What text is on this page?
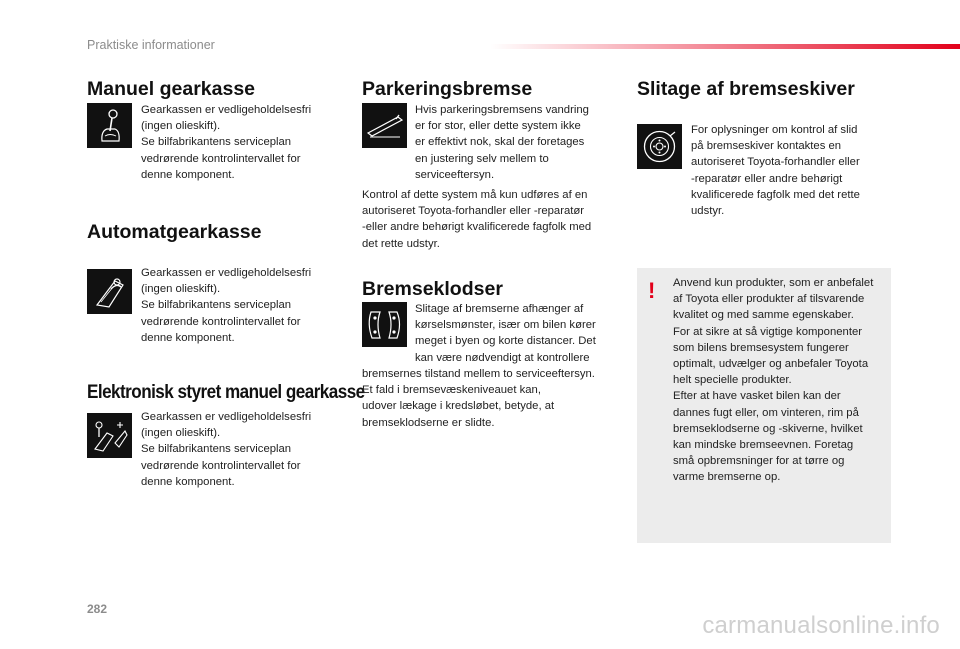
Praktiske informationer
Manuel gearkasse
Gearkassen er vedligeholdelsesfri
(ingen olieskift).
Se bilfabrikantens serviceplan
vedrørende kontrolintervallet for
denne komponent.
Automatgearkasse
Gearkassen er vedligeholdelsesfri
(ingen olieskift).
Se bilfabrikantens serviceplan
vedrørende kontrolintervallet for
denne komponent.
Elektronisk styret manuel gearkasse
Gearkassen er vedligeholdelsesfri
(ingen olieskift).
Se bilfabrikantens serviceplan
vedrørende kontrolintervallet for
denne komponent.
Parkeringsbremse
Hvis parkeringsbremsens vandring
er for stor, eller dette system ikke
er effektivt nok, skal der foretages
en justering selv mellem to
serviceeftersyn.
Kontrol af dette system må kun udføres af en
autoriseret Toyota-forhandler eller -reparatør
-eller andre behørigt kvalificerede fagfolk med
det rette udstyr.
Bremseklodser
Slitage af bremserne afhænger af
kørselsmønster, især om bilen kører
meget i byen og korte distancer. Det
kan være nødvendigt at kontrollere
bremsernes tilstand mellem to serviceeftersyn.
Et fald i bremsevæskeniveauet kan,
udover lækage i kredsløbet, betyde, at
bremseklodserne er slidte.
Slitage af bremseskiver
For oplysninger om kontrol af slid
på bremseskiver kontaktes en
autoriseret Toyota-forhandler eller
-reparatør eller andre behørigt
kvalificerede fagfolk med det rette
udstyr.
! Anvend kun produkter, som er anbefalet
af Toyota eller produkter af tilsvarende
kvalitet og med samme egenskaber.
For at sikre at så vigtige komponenter
som bilens bremsesystem fungerer
optimalt, udvælger og anbefaler Toyota
helt specielle produkter.
Efter at have vasket bilen kan der
dannes fugt eller, om vinteren, rim på
bremseklodserne og -skiverne, hvilket
kan mindske bremseevnen. Foretag
små opbremsninger for at tørre og
varme bremserne op.
282
carmanualsonline.info
